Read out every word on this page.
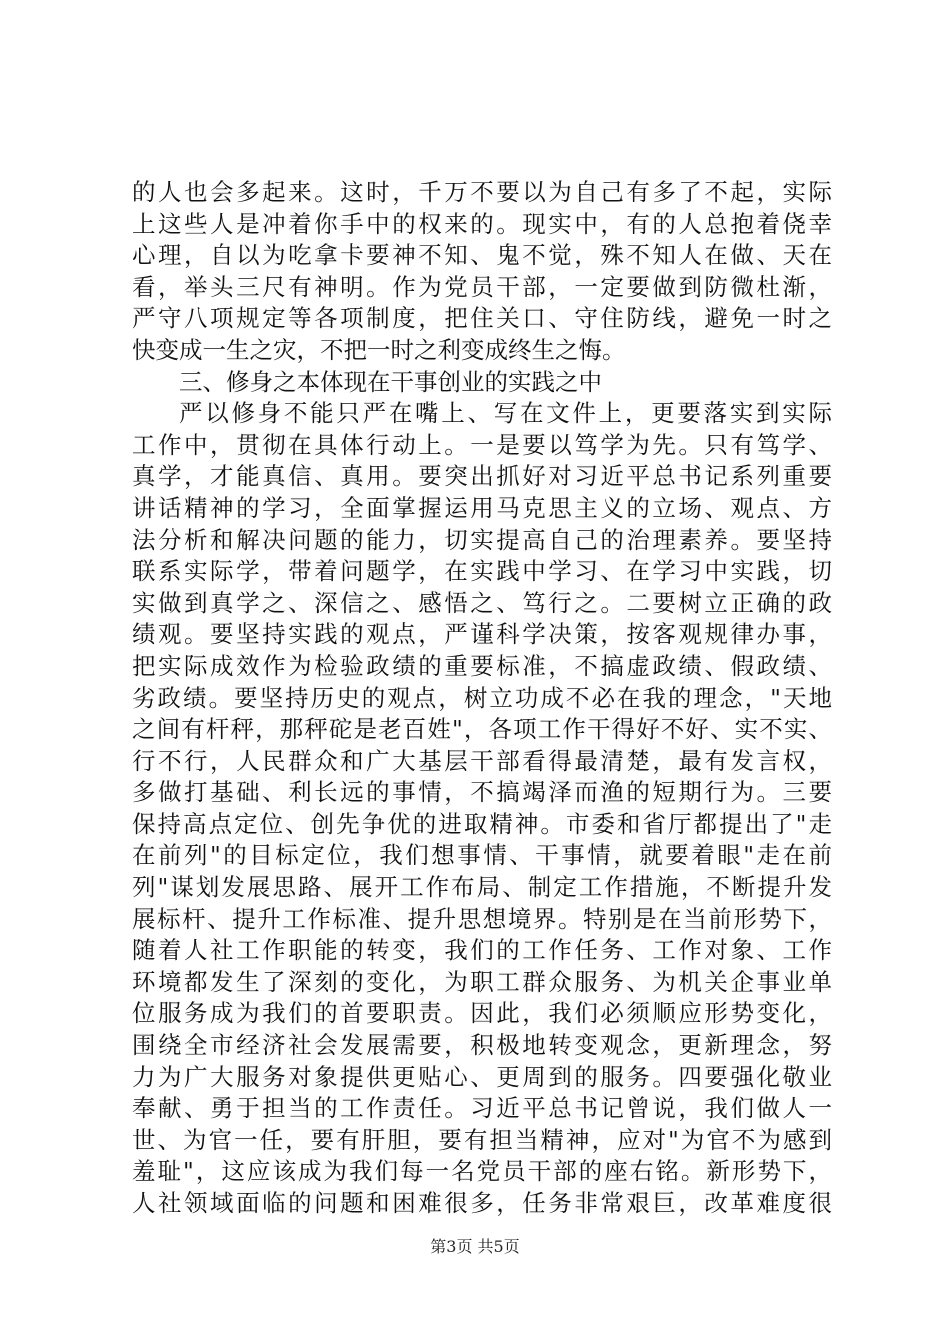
的人也会多起来。这时，千万不要以为自己有多了不起，实际
上这些人是冲着你手中的权来的。现实中，有的人总抱着侥幸
心理，自以为吃拿卡要神不知、鬼不觉，殊不知人在做、天在
看，举头三尺有神明。作为党员干部，一定要做到防微杜渐，
严守八项规定等各项制度，把住关口、守住防线，避免一时之
快变成一生之灾，不把一时之利变成终生之悔。
三、修身之本体现在干事创业的实践之中
严以修身不能只严在嘴上、写在文件上，更要落实到实际
工作中，贯彻在具体行动上。一是要以笃学为先。只有笃学、
真学，才能真信、真用。要突出抓好对习近平总书记系列重要
讲话精神的学习，全面掌握运用马克思主义的立场、观点、方
法分析和解决问题的能力，切实提高自己的治理素养。要坚持
联系实际学，带着问题学，在实践中学习、在学习中实践，切
实做到真学之、深信之、感悟之、笃行之。二要树立正确的政
绩观。要坚持实践的观点，严谨科学决策，按客观规律办事，
把实际成效作为检验政绩的重要标准，不搞虚政绩、假政绩、
劣政绩。要坚持历史的观点，树立功成不必在我的理念，"天地
之间有杆秤，那秤砣是老百姓"，各项工作干得好不好、实不实、
行不行，人民群众和广大基层干部看得最清楚，最有发言权，
多做打基础、利长远的事情，不搞竭泽而渔的短期行为。三要
保持高点定位、创先争优的进取精神。市委和省厅都提出了"走
在前列"的目标定位，我们想事情、干事情，就要着眼"走在前
列"谋划发展思路、展开工作布局、制定工作措施，不断提升发
展标杆、提升工作标准、提升思想境界。特别是在当前形势下，
随着人社工作职能的转变，我们的工作任务、工作对象、工作
环境都发生了深刻的变化，为职工群众服务、为机关企事业单
位服务成为我们的首要职责。因此，我们必须顺应形势变化，
围绕全市经济社会发展需要，积极地转变观念，更新理念，努
力为广大服务对象提供更贴心、更周到的服务。四要强化敬业
奉献、勇于担当的工作责任。习近平总书记曾说，我们做人一
世、为官一任，要有肝胆，要有担当精神，应对"为官不为感到
羞耻"，这应该成为我们每一名党员干部的座右铭。新形势下，
人社领域面临的问题和困难很多，任务非常艰巨，改革难度很
第3页 共5页
